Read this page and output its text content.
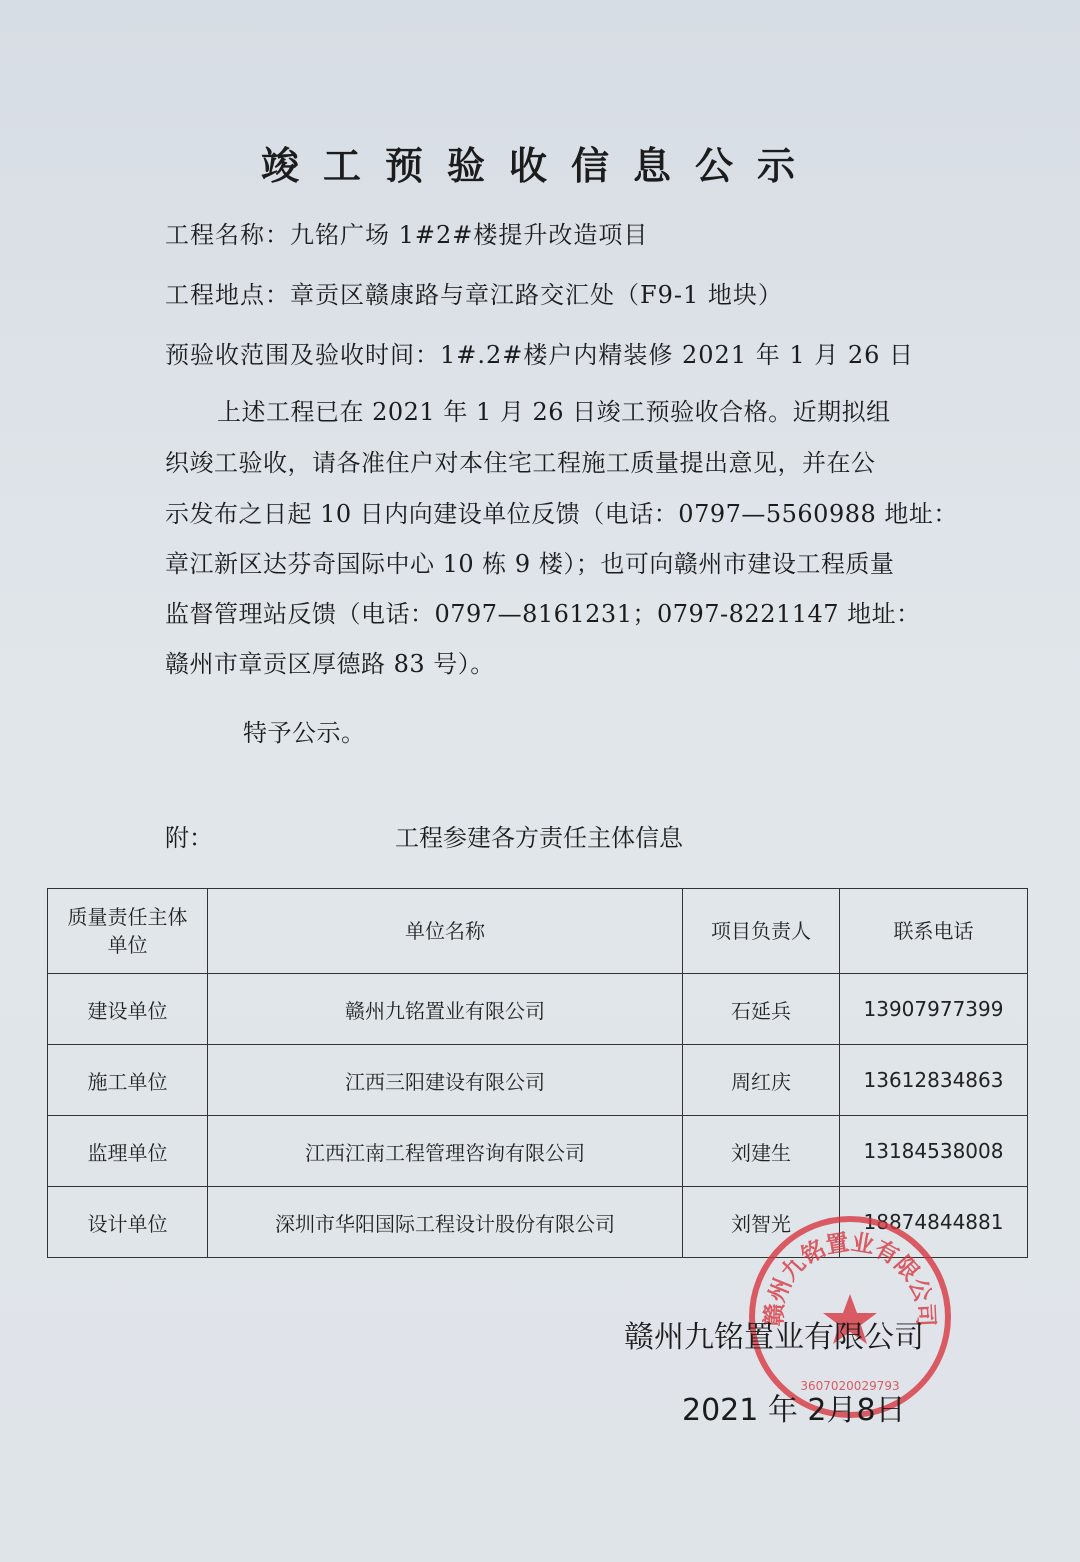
竣工预验收信息公示
工程名称：九铭广场 1#2#楼提升改造项目
工程地点：章贡区赣康路与章江路交汇处（F9-1 地块）
预验收范围及验收时间：1#.2#楼户内精装修 2021 年 1 月 26 日
上述工程已在 2021 年 1 月 26 日竣工预验收合格。近期拟组
织竣工验收，请各准住户对本住宅工程施工质量提出意见，并在公
示发布之日起 10 日内向建设单位反馈（电话：0797—5560988 地址：
章江新区达芬奇国际中心 10 栋 9 楼）；也可向赣州市建设工程质量
监督管理站反馈（电话：0797—8161231；0797-8221147 地址：
赣州市章贡区厚德路 83 号）。
特予公示。
附：	工程参建各方责任主体信息
质量责任主体
单位	单位名称	项目负责人	联系电话
建设单位	赣州九铭置业有限公司	石延兵	13907977399
施工单位	江西三阳建设有限公司	周红庆	13612834863
监理单位	江西江南工程管理咨询有限公司	刘建生	13184538008
设计单位	深圳市华阳国际工程设计股份有限公司	刘智光	18874844881
赣州九铭置业有限公司
3607020029793
赣州九铭置业有限公司
2021 年 2月8日
